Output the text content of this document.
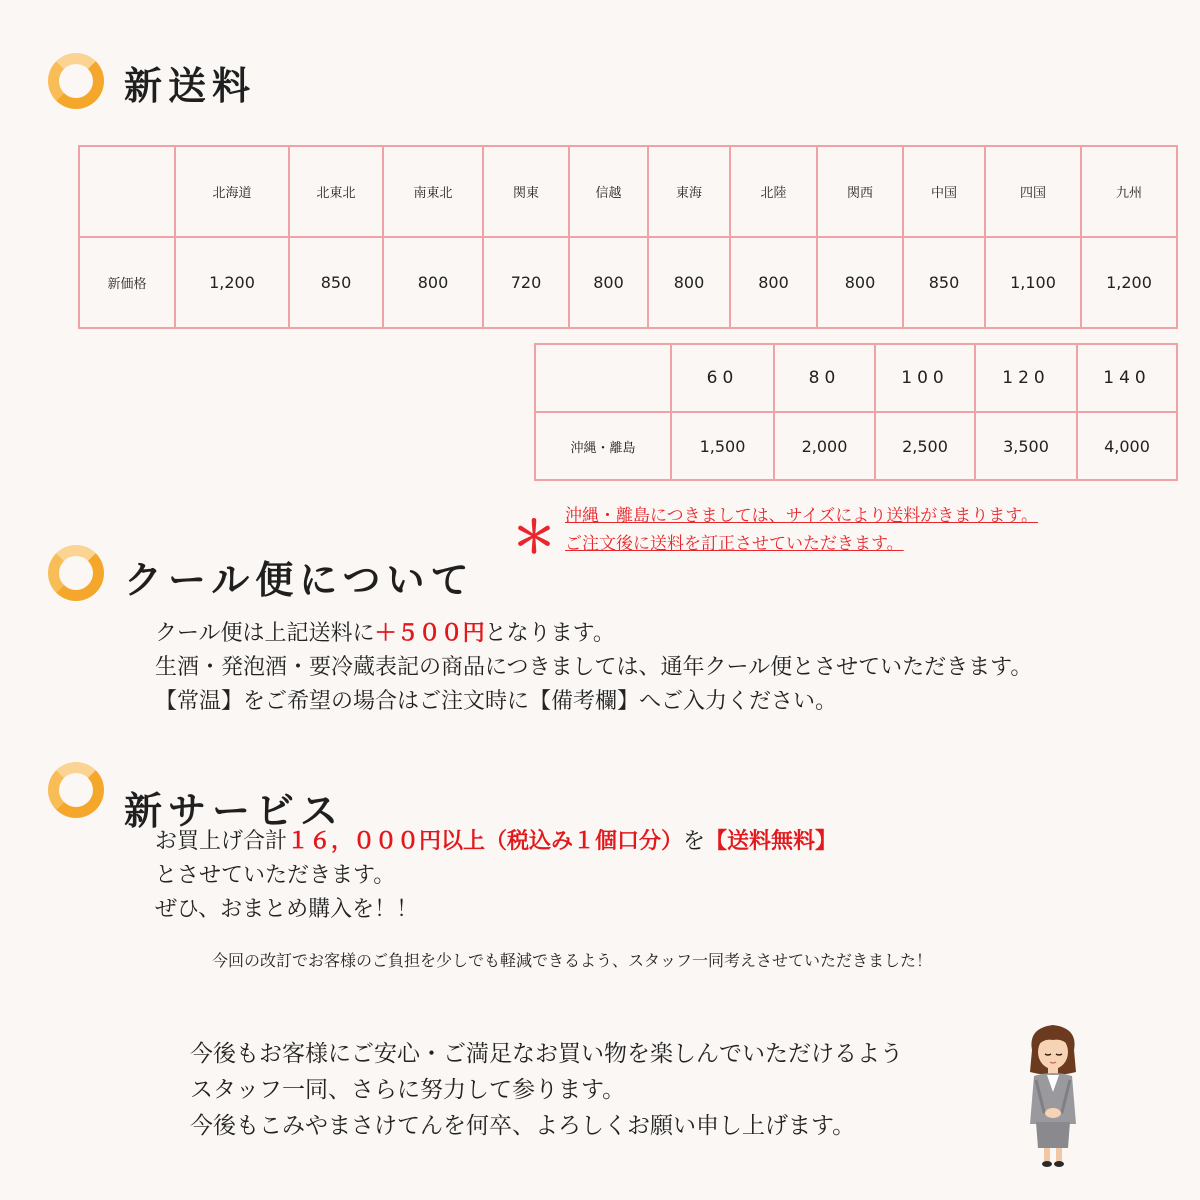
新送料
	北海道	北東北	南東北	関東	信越	東海	北陸	関西	中国	四国	九州
新価格	1,200	850	800	720	800	800	800	800	850	1,100	1,200
	60	80	100	120	140
沖縄・離島	1,500	2,000	2,500	3,500	4,000
＊ 沖縄・離島につきましては、サイズにより送料がきまります。
ご注文後に送料を訂正させていただきます。
クール便について
クール便は上記送料に＋５００円となります。
生酒・発泡酒・要冷蔵表記の商品につきましては、通年クール便とさせていただきます。
【常温】をご希望の場合はご注文時に【備考欄】へご入力ください。
新サービス
お買上げ合計１６，０００円以上（税込み１個口分）を【送料無料】
とさせていただきます。
ぜひ、おまとめ購入を！！
今回の改訂でお客様のご負担を少しでも軽減できるよう、スタッフ一同考えさせていただきました！
今後もお客様にご安心・ご満足なお買い物を楽しんでいただけるよう
スタッフ一同、さらに努力して参ります。
今後もこみやまさけてんを何卒、よろしくお願い申し上げます。
